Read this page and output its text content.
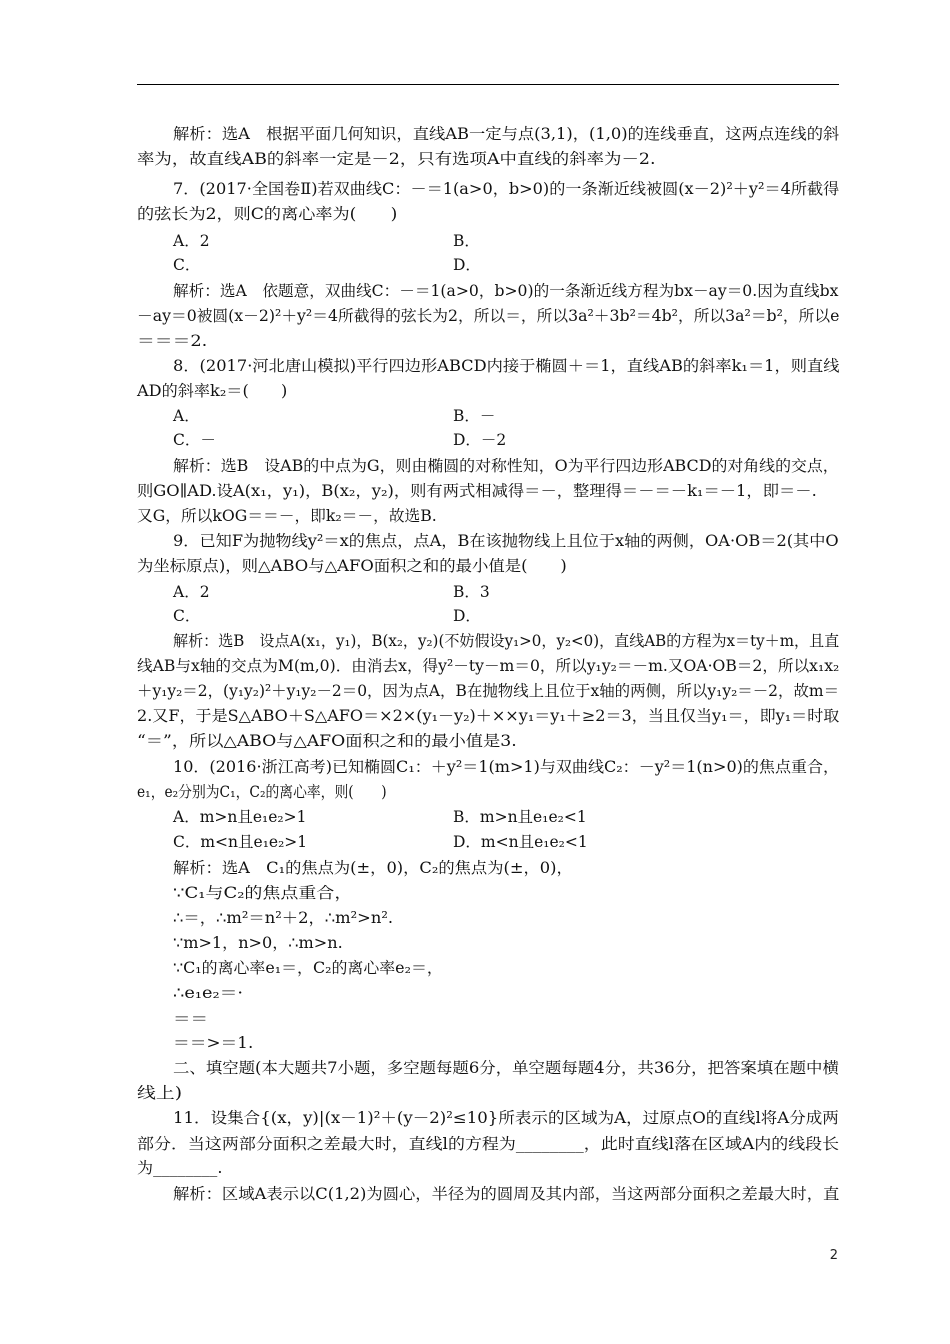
解析：选A　根据平面几何知识，直线AB一定与点(3,1)，(1,0)的连线垂直，这两点连线的斜
率为，故直线AB的斜率一定是－2，只有选项A中直线的斜率为－2.
7．(2017·全国卷Ⅱ)若双曲线C：－＝1(a>0，b>0)的一条渐近线被圆(x－2)²＋y²＝4所截得
的弦长为2，则C的离心率为(　　)
A．2	B．
C．	D．
解析：选A　依题意，双曲线C：－＝1(a>0，b>0)的一条渐近线方程为bx－ay＝0.因为直线bx
－ay＝0被圆(x－2)²＋y²＝4所截得的弦长为2，所以＝，所以3a²＋3b²＝4b²，所以3a²＝b²，所以e
＝＝＝2.
8．(2017·河北唐山模拟)平行四边形ABCD内接于椭圆＋＝1，直线AB的斜率k₁＝1，则直线
AD的斜率k₂＝(　　)
A．	B．－
C．－	D．－2
解析：选B　设AB的中点为G，则由椭圆的对称性知，O为平行四边形ABCD的对角线的交点，
则GO∥AD.设A(x₁，y₁)，B(x₂，y₂)，则有两式相减得＝－，整理得＝－＝－k₁＝－1，即＝－.
又G，所以kOG＝＝－，即k₂＝－，故选B.
9．已知F为抛物线y²＝x的焦点，点A，B在该抛物线上且位于x轴的两侧，OA·OB＝2(其中O
为坐标原点)，则△ABO与△AFO面积之和的最小值是(　　)
A．2	B．3
C．	D．
解析：选B　设点A(x₁，y₁)，B(x₂，y₂)(不妨假设y₁>0，y₂<0)，直线AB的方程为x＝ty＋m，且直
线AB与x轴的交点为M(m,0)．由消去x，得y²－ty－m＝0，所以y₁y₂＝－m.又OA·OB＝2，所以x₁x₂
＋y₁y₂＝2，(y₁y₂)²＋y₁y₂－2＝0，因为点A，B在抛物线上且位于x轴的两侧，所以y₁y₂＝－2，故m＝
2.又F，于是S△ABO＋S△AFO＝×2×(y₁－y₂)＋××y₁＝y₁＋≥2＝3，当且仅当y₁＝，即y₁＝时取
“＝”，所以△ABO与△AFO面积之和的最小值是3.
10．(2016·浙江高考)已知椭圆C₁：＋y²＝1(m>1)与双曲线C₂：－y²＝1(n>0)的焦点重合，
e₁，e₂分别为C₁，C₂的离心率，则(　　)
A．m>n且e₁e₂>1	B．m>n且e₁e₂<1
C．m<n且e₁e₂>1	D．m<n且e₁e₂<1
解析：选A　C₁的焦点为(±，0)，C₂的焦点为(±，0)，
∵C₁与C₂的焦点重合，
∴＝，∴m²＝n²＋2，∴m²>n².
∵m>1，n>0，∴m>n.
∵C₁的离心率e₁＝，C₂的离心率e₂＝，
∴e₁e₂＝·
＝＝
＝＝>＝1.
二、填空题(本大题共7小题，多空题每题6分，单空题每题4分，共36分，把答案填在题中横
线上)
11．设集合{(x，y)|(x－1)²＋(y－2)²≤10}所表示的区域为A，过原点O的直线l将A分成两
部分．当这两部分面积之差最大时，直线l的方程为________，此时直线l落在区域A内的线段长
为________.
解析：区域A表示以C(1,2)为圆心，半径为的圆周及其内部，当这两部分面积之差最大时，直
2
